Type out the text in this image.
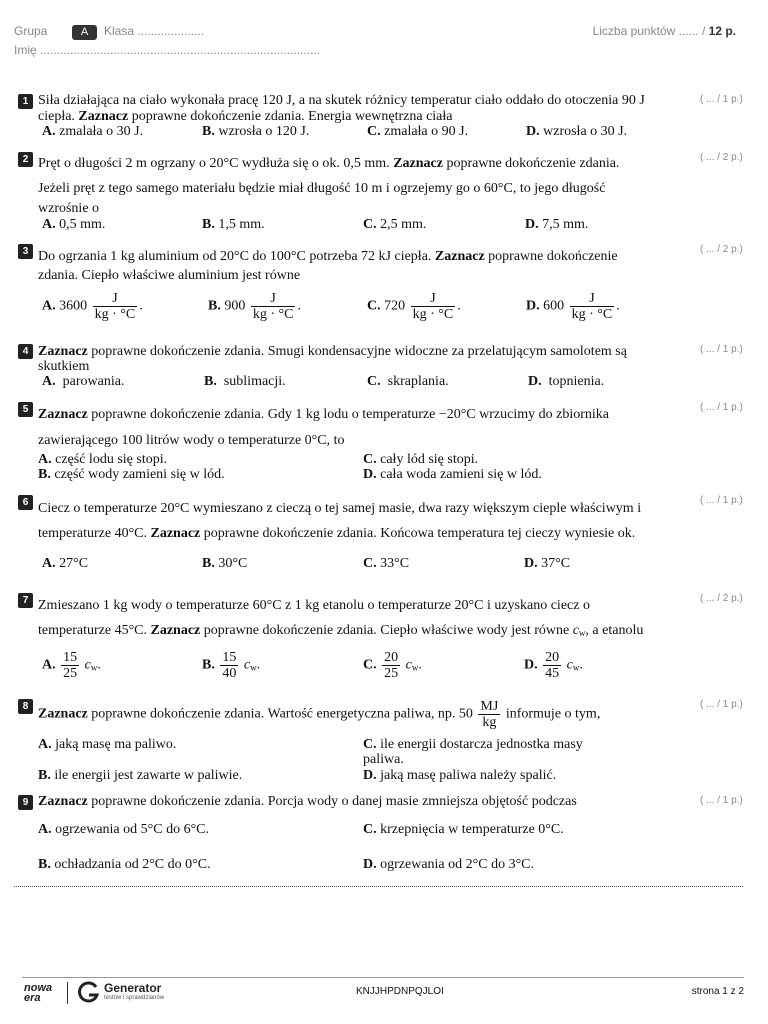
Grupa	A	Klasa ....................	Liczba punktów ...... / 12 p.
Imię ....................................................................................
1	( ... / 1 p.)
Siła działająca na ciało wykonała pracę 120 J, a na skutek różnicy temperatur ciało oddało do otoczenia 90 J
ciepła. Zaznacz poprawne dokończenie zdania. Energia wewnętrzna ciała
A. zmalała o 30 J.	B. wzrosła o 120 J.	C. zmalała o 90 J.	D. wzrosła o 30 J.
2	( ... / 2 p.)
Pręt o długości 2 m ogrzany o 20°C wydłuża się o ok. 0,5 mm. Zaznacz poprawne dokończenie zdania.
Jeżeli pręt z tego samego materiału będzie miał długość 10 m i ogrzejemy go o 60°C, to jego długość
wzrośnie o
A. 0,5 mm.	B. 1,5 mm.	C. 2,5 mm.	D. 7,5 mm.
3	( ... / 2 p.)
Do ogrzania 1 kg aluminium od 20°C do 100°C potrzeba 72 kJ ciepła. Zaznacz poprawne dokończenie
zdania. Ciepło właściwe aluminium jest równe
A. $3600 \frac{J}{kg \cdot ^\circ C}$ .	B. $900 \frac{J}{kg \cdot ^\circ C}$ .	C. $720 \frac{J}{kg \cdot ^\circ C}$ .	D. $600 \frac{J}{kg \cdot ^\circ C}$ .
4	( ... / 1 p.)
Zaznacz poprawne dokończenie zdania. Smugi kondensacyjne widoczne za przelatującym samolotem są
skutkiem
A. parowania.	B. sublimacji.	C. skraplania.	D. topnienia.
5	( ... / 1 p.)
Zaznacz poprawne dokończenie zdania. Gdy 1 kg lodu o temperaturze −20°C wrzucimy do zbiornika
zawierającego 100 litrów wody o temperaturze 0°C, to
A. część lodu się stopi.
B. część wody zamieni się w lód.
C. cały lód się stopi.
D. cała woda zamieni się w lód.
6	( ... / 1 p.)
Ciecz o temperaturze 20°C wymieszano z cieczą o tej samej masie, dwa razy większym cieple właściwym i
temperaturze 40°C. Zaznacz poprawne dokończenie zdania. Końcowa temperatura tej cieczy wyniesie ok.
A. 27°C	B. 30°C	C. 33°C	D. 37°C
7	( ... / 2 p.)
Zmieszano 1 kg wody o temperaturze 60°C z 1 kg etanolu o temperaturze 20°C i uzyskano ciecz o
temperaturze 45°C. Zaznacz poprawne dokończenie zdania. Ciepło właściwe wody jest równe $c_w$, a etanolu
A. $\frac{15}{25} c_w$.	B. $\frac{15}{40} c_w$.	C. $\frac{20}{25} c_w$.	D. $\frac{20}{45} c_w$.
8	( ... / 1 p.)
Zaznacz poprawne dokończenie zdania. Wartość energetyczna paliwa, np. $50 \frac{MJ}{kg}$ informuje o tym,
A. jaką masę ma paliwo.
B. ile energii jest zawarte w paliwie.
C. ile energii dostarcza jednostka masy
paliwa.
D. jaką masę paliwa należy spalić.
9	( ... / 1 p.)
Zaznacz poprawne dokończenie zdania. Porcja wody o danej masie zmniejsza objętość podczas
A. ogrzewania od 5°C do 6°C.
B. ochładzania od 2°C do 0°C.
C. krzepnięcia w temperaturze 0°C.
D. ogrzewania od 2°C do 3°C.
nowa
era
Generator
testów i sprawdzianów
KNJJHPDNPQJLOI	strona 1 z 2
